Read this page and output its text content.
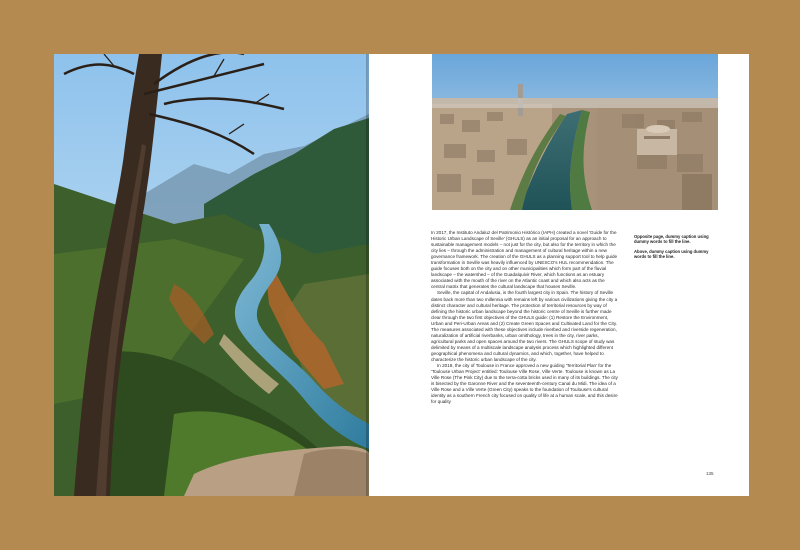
In 2017, the Instituto Andaluz del Patrimonio Histórico (IAPH) created a novel 'Guide for the Historic Urban Landscape of Seville' (GHULS) as an initial proposal for an approach to sustainable management models – not just for the city, but also for the territory in which the city lies – through the administration and management of cultural heritage within a new governance framework. The creation of the GHULS as a planning support tool to help guide transformation in Seville was heavily influenced by UNESCO's HUL recommendation. The guide focuses both on the city and on other municipalities which form part of the fluvial landscape – the watershed – of the Guadalquivir River, which functions as an estuary associated with the mouth of the river on the Atlantic coast and which also acts as the central matrix that generates the cultural landscape that houses Seville.

Seville, the capital of Andalusia, is the fourth largest city in Spain. The history of Seville dates back more than two millennia with remains left by various civilizations giving the city a distinct character and cultural heritage. The protection of territorial resources by way of defining the historic urban landscape beyond the historic centre of Seville is further made clear through the two first objectives of the GHULS guide: (1) Restore the Environment, Urban and Peri-Urban Areas and (2) Create Green Spaces and Cultivated Land for the City. The measures associated with these objectives include riverbed and riverside regeneration, naturalization of artificial riverbanks, urban ornithology, trees in the city, river parks, agricultural parks and open spaces around the two rivers. The GHULS scope of study was delimited by means of a multiscale landscape analysis process which highlighted different geographical phenomena and cultural dynamics, and which, together, have helped to characterize the historic urban landscape of the city.

In 2019, the city of Toulouse in France approved a new guiding 'Territorial Plan' for the 'Toulouse Urban Project' entitled: Toulouse Ville Rose, Ville Verte. Toulouse is known as La Ville Rose (The Pink City) due to the terra-cotta bricks used in many of its buildings. The city is bisected by the Garonne River and the seventeenth-century Canal du Midi. The idea of a Ville Rose and a Ville Verte (Green City) speaks to the foundation of Toulouse's cultural identity as a southern French city focused on quality of life at a human scale, and this desire for quality

Opposite page, dummy caption using dummy words to fill the line.

Above, dummy caption using dummy words to fill the line.

135
